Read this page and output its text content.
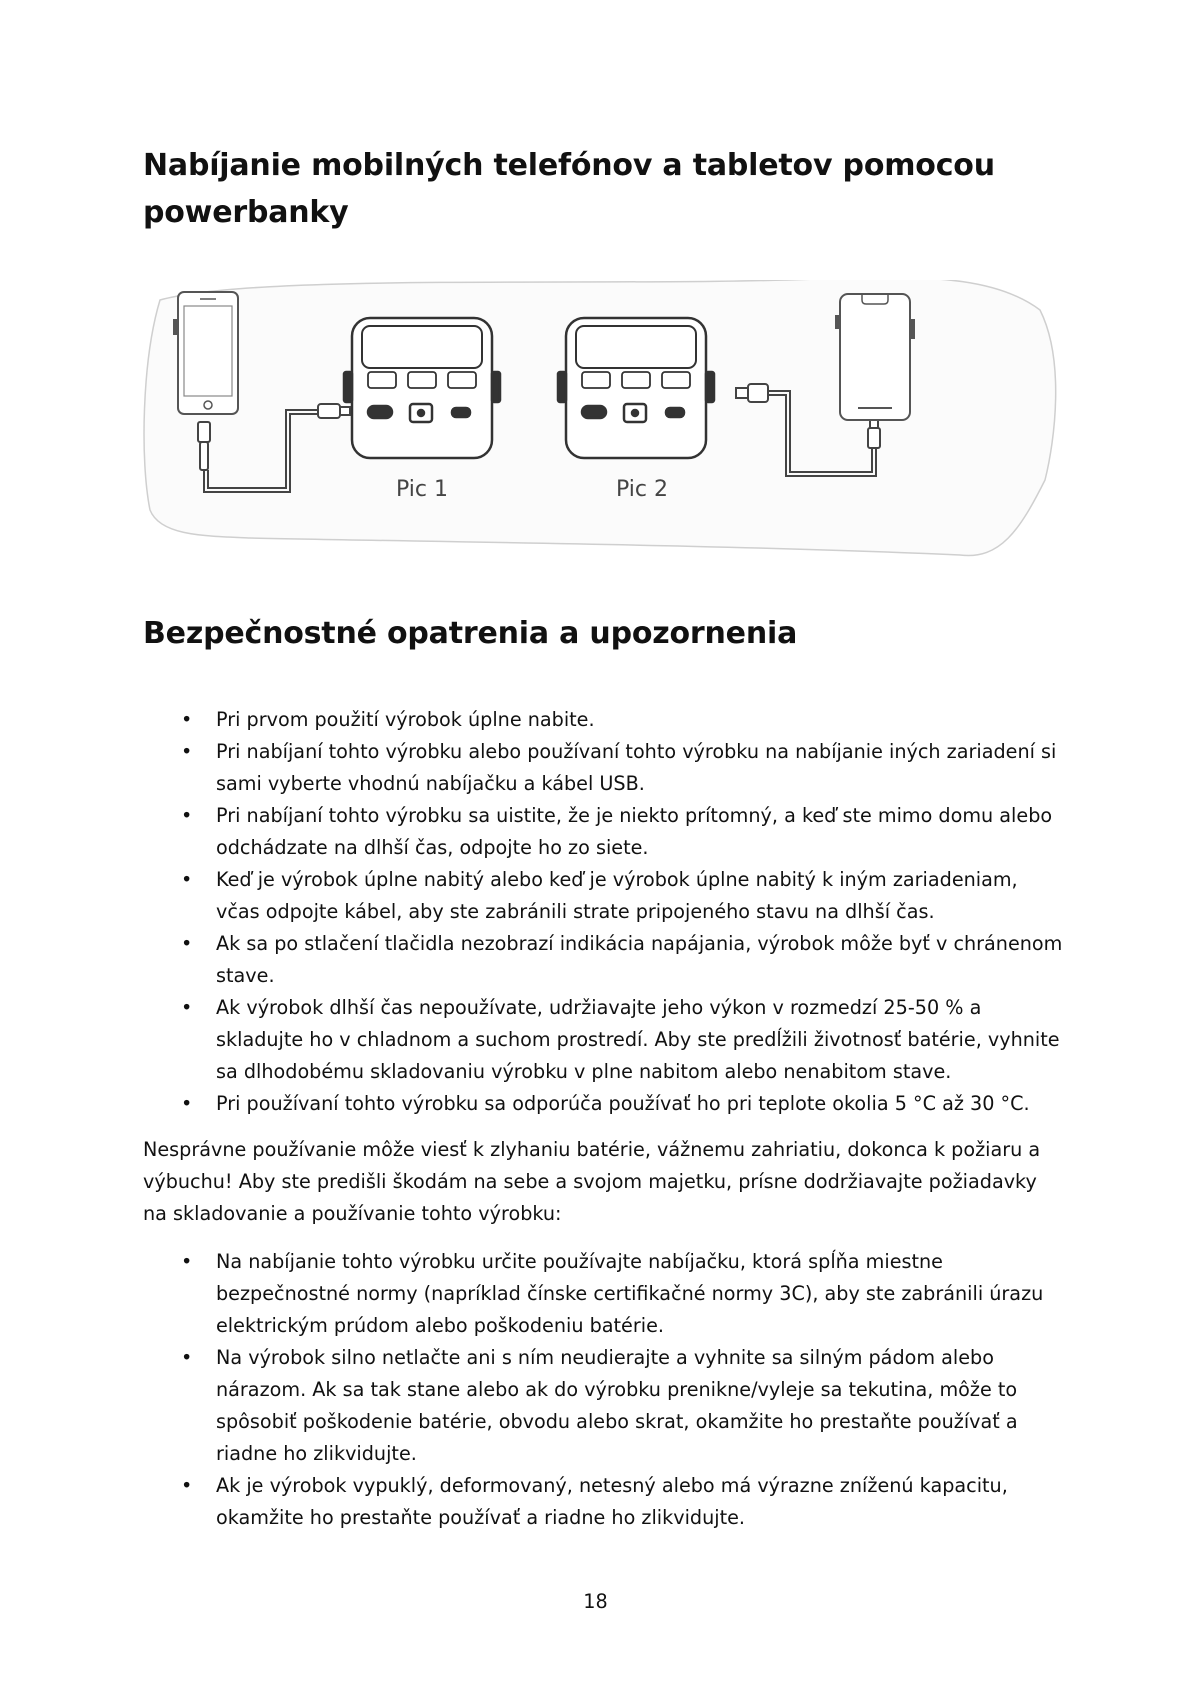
Nabíjanie mobilných telefónov a tabletov pomocou powerbanky
Pic 1	Pic 2
Bezpečnostné opatrenia a upozornenia
• Pri prvom použití výrobok úplne nabite.
• Pri nabíjaní tohto výrobku alebo používaní tohto výrobku na nabíjanie iných zariadení si sami vyberte vhodnú nabíjačku a kábel USB.
• Pri nabíjaní tohto výrobku sa uistite, že je niekto prítomný, a keď ste mimo domu alebo odchádzate na dlhší čas, odpojte ho zo siete.
• Keď je výrobok úplne nabitý alebo keď je výrobok úplne nabitý k iným zariadeniam, včas odpojte kábel, aby ste zabránili strate pripojeného stavu na dlhší čas.
• Ak sa po stlačení tlačidla nezobrazí indikácia napájania, výrobok môže byť v chránenom stave.
• Ak výrobok dlhší čas nepoužívate, udržiavajte jeho výkon v rozmedzí 25-50 % a skladujte ho v chladnom a suchom prostredí. Aby ste predĺžili životnosť batérie, vyhnite sa dlhodobému skladovaniu výrobku v plne nabitom alebo nenabitom stave.
• Pri používaní tohto výrobku sa odporúča používať ho pri teplote okolia 5 °C až 30 °C.

Nesprávne používanie môže viesť k zlyhaniu batérie, vážnemu zahriatiu, dokonca k požiaru a výbuchu! Aby ste predišli škodám na sebe a svojom majetku, prísne dodržiavajte požiadavky na skladovanie a používanie tohto výrobku:

• Na nabíjanie tohto výrobku určite používajte nabíjačku, ktorá spĺňa miestne bezpečnostné normy (napríklad čínske certifikačné normy 3C), aby ste zabránili úrazu elektrickým prúdom alebo poškodeniu batérie.
• Na výrobok silno netlačte ani s ním neudierajte a vyhnite sa silným pádom alebo nárazom. Ak sa tak stane alebo ak do výrobku prenikne/vyleje sa tekutina, môže to spôsobiť poškodenie batérie, obvodu alebo skrat, okamžite ho prestaňte používať a riadne ho zlikvidujte.
• Ak je výrobok vypuklý, deformovaný, netesný alebo má výrazne zníženú kapacitu, okamžite ho prestaňte používať a riadne ho zlikvidujte.
18
